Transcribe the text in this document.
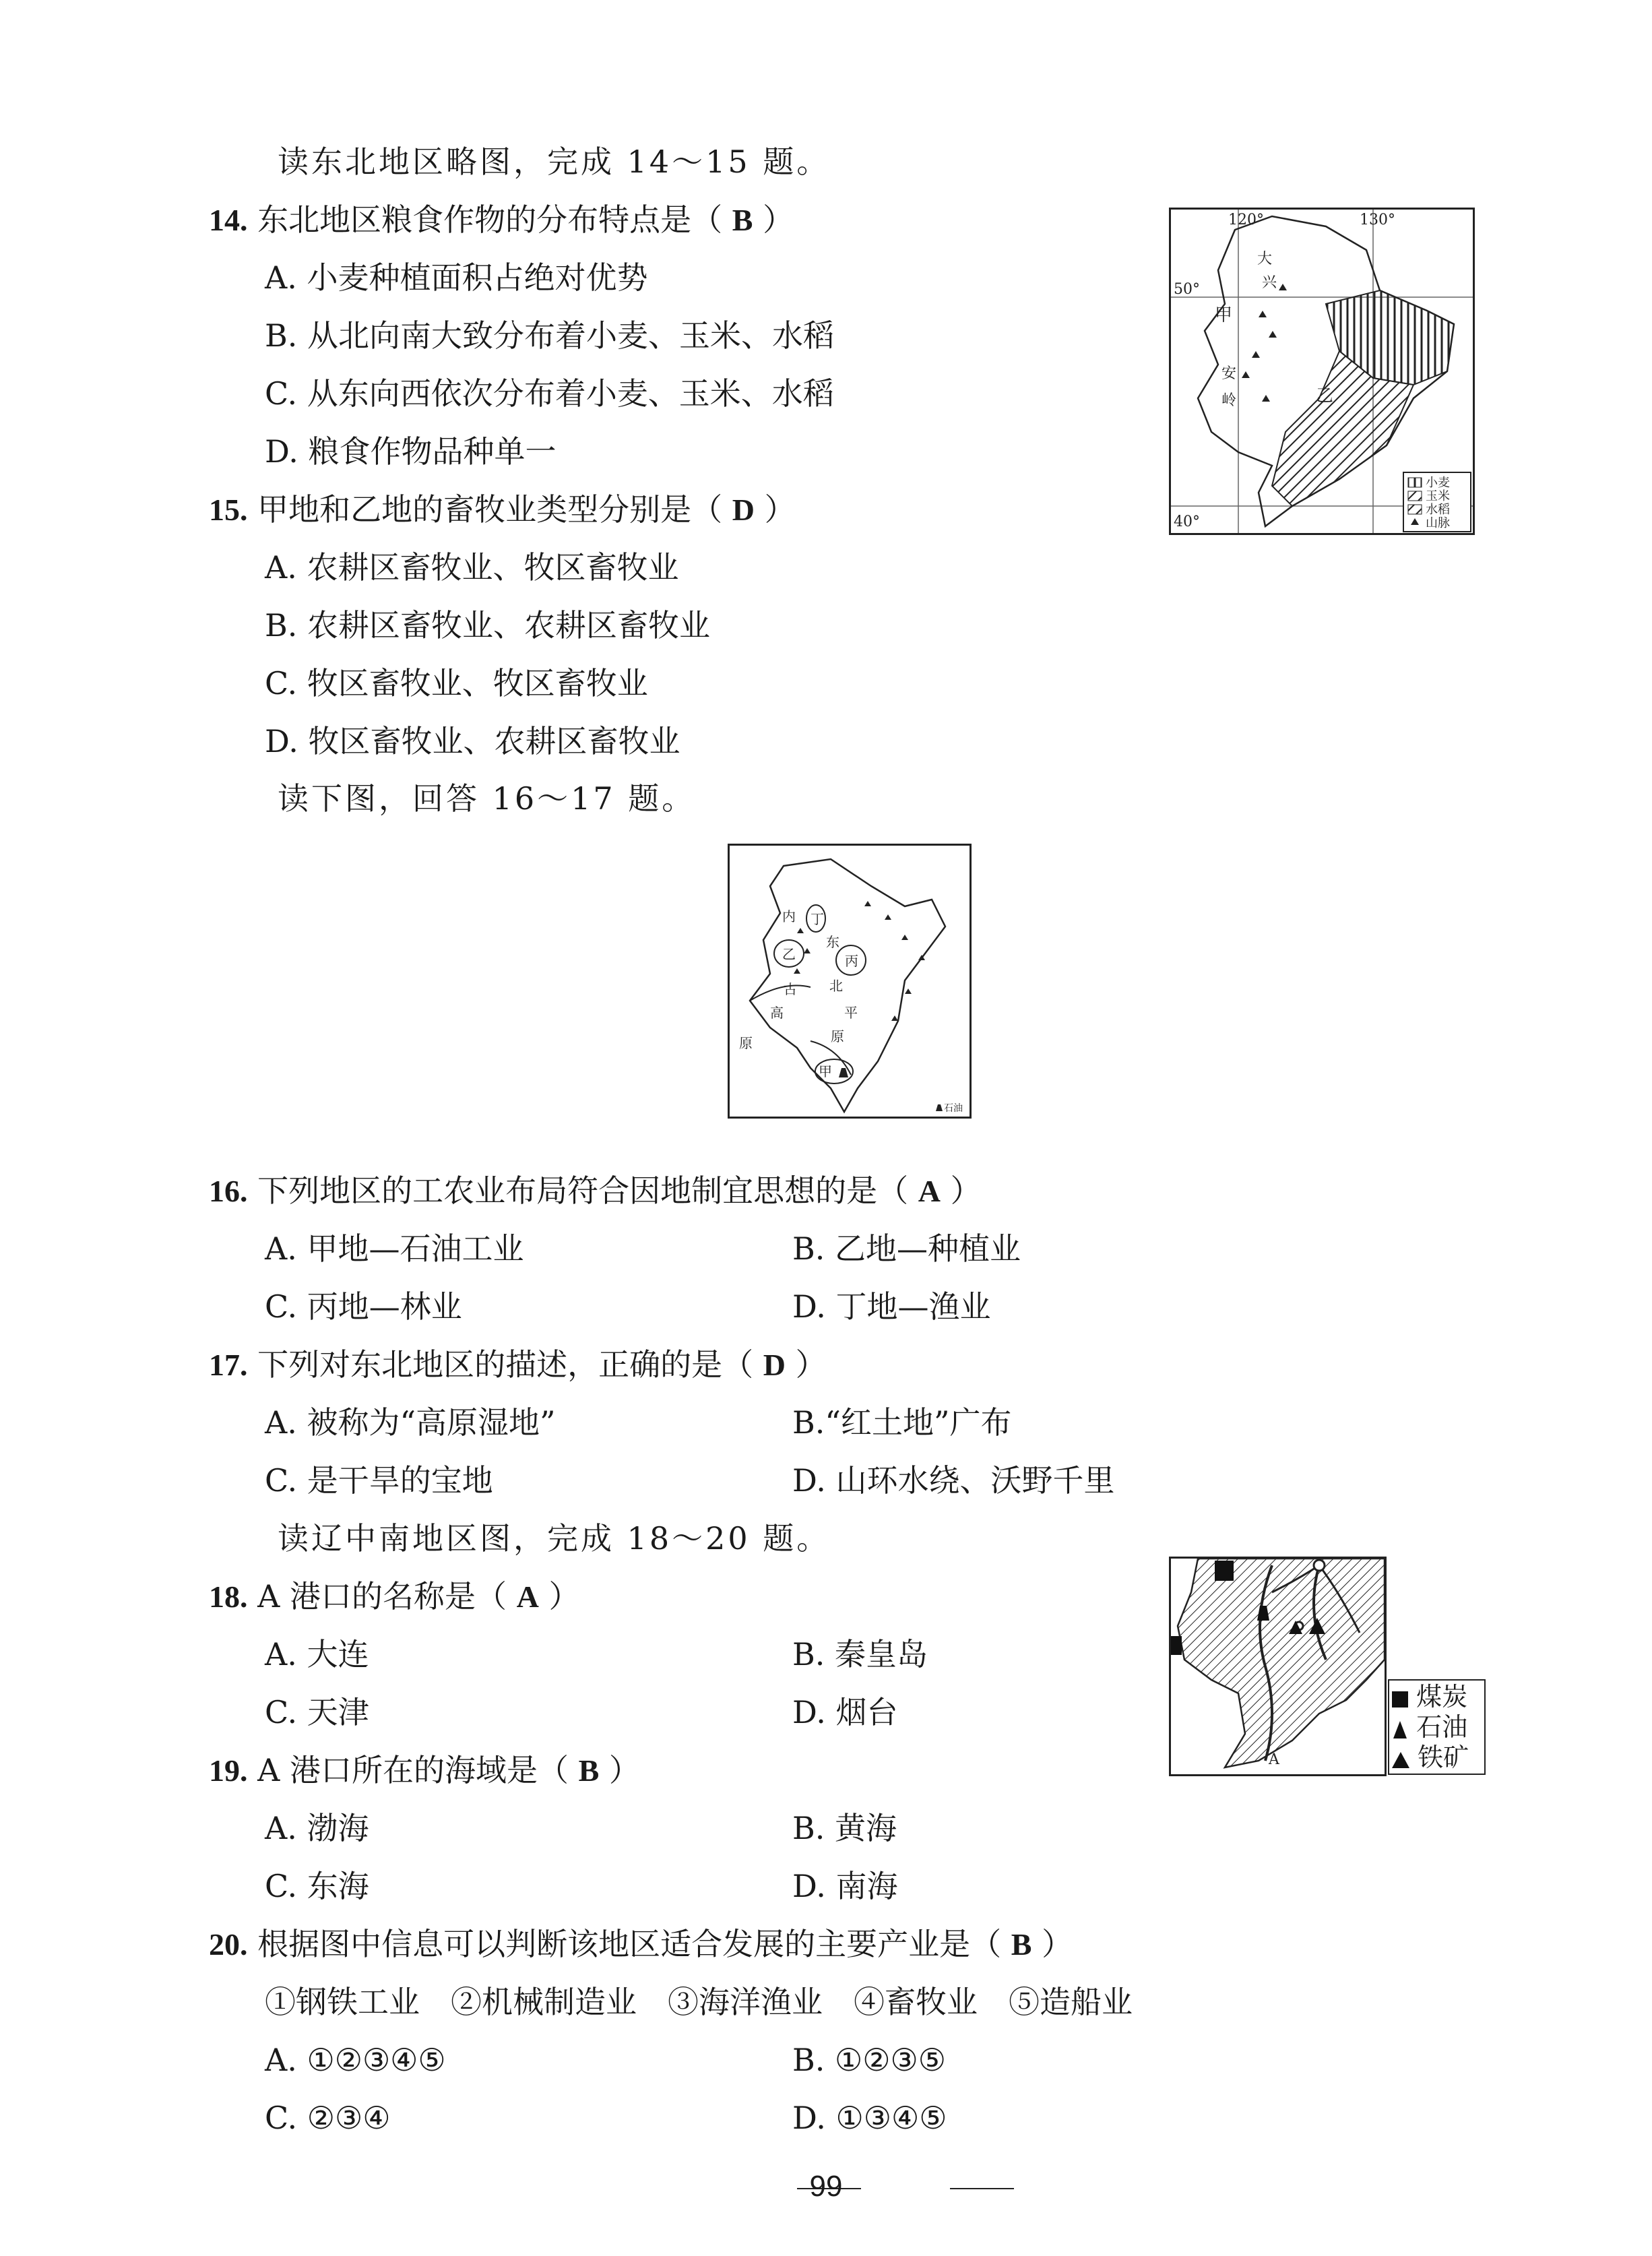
读东北地区略图，完成 14～15 题。
14. 东北地区粮食作物的分布特点是（ B ）
A. 小麦种植面积占绝对优势
B. 从北向南大致分布着小麦、玉米、水稻
C. 从东向西依次分布着小麦、玉米、水稻
D. 粮食作物品种单一
15. 甲地和乙地的畜牧业类型分别是（ D ）
A. 农耕区畜牧业、牧区畜牧业
B. 农耕区畜牧业、农耕区畜牧业
C. 牧区畜牧业、牧区畜牧业
D. 牧区畜牧业、农耕区畜牧业
120°	130°
50°
40°
甲
乙
大
兴
安
岭
小麦
玉米
水稻
山脉
读下图，回答 16～17 题。
内 丁
乙	丙
东
北
古
高
原
平
原
甲
石油
16. 下列地区的工农业布局符合因地制宜思想的是（ A ）
A. 甲地—石油工业	B. 乙地—种植业
C. 丙地—林业	D. 丁地—渔业
17. 下列对东北地区的描述，正确的是（ D ）
A. 被称为“高原湿地”	B.“红土地”广布
C. 是干旱的宝地	D. 山环水绕、沃野千里
读辽中南地区图，完成 18～20 题。
18. A 港口的名称是（ A ）
A. 大连	B. 秦皇岛
C. 天津	D. 烟台
A
煤炭
石油
铁矿
19. A 港口所在的海域是（ B ）
A. 渤海	B. 黄海
C. 东海	D. 南海
20. 根据图中信息可以判断该地区适合发展的主要产业是（ B ）
①钢铁工业　②机械制造业　③海洋渔业　④畜牧业　⑤造船业
A. ①②③④⑤	B. ①②③⑤
C. ②③④	D. ①③④⑤
99
